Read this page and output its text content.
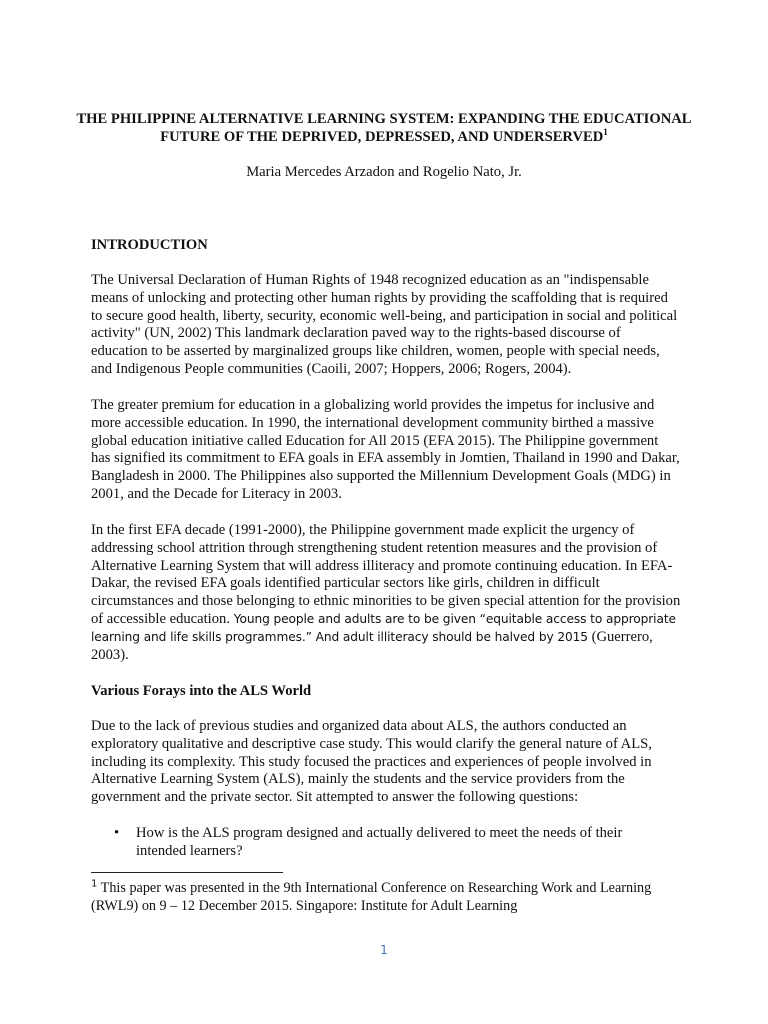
THE PHILIPPINE ALTERNATIVE LEARNING SYSTEM: EXPANDING THE EDUCATIONAL FUTURE OF THE DEPRIVED, DEPRESSED, AND UNDERSERVED$^1$

Maria Mercedes Arzadon and Rogelio Nato, Jr.

INTRODUCTION

The Universal Declaration of Human Rights of 1948 recognized education as an "indispensable means of unlocking and protecting other human rights by providing the scaffolding that is required to secure good health, liberty, security, economic well-being, and participation in social and political activity" (UN, 2002) This landmark declaration paved way to the rights-based discourse of education to be asserted by marginalized groups like children, women, people with special needs, and Indigenous People communities (Caoili, 2007; Hoppers, 2006; Rogers, 2004).

The greater premium for education in a globalizing world provides the impetus for inclusive and more accessible education. In 1990, the international development community birthed a massive global education initiative called Education for All 2015 (EFA 2015). The Philippine government has signified its commitment to EFA goals in EFA assembly in Jomtien, Thailand in 1990 and Dakar, Bangladesh in 2000. The Philippines also supported the Millennium Development Goals (MDG) in 2001, and the Decade for Literacy in 2003.

In the first EFA decade (1991-2000), the Philippine government made explicit the urgency of addressing school attrition through strengthening student retention measures and the provision of Alternative Learning System that will address illiteracy and promote continuing education. In EFA-Dakar, the revised EFA goals identified particular sectors like girls, children in difficult circumstances and those belonging to ethnic minorities to be given special attention for the provision of accessible education. Young people and adults are to be given “equitable access to appropriate learning and life skills programmes.” And adult illiteracy should be halved by 2015 (Guerrero, 2003).

Various Forays into the ALS World

Due to the lack of previous studies and organized data about ALS, the authors conducted an exploratory qualitative and descriptive case study. This would clarify the general nature of ALS, including its complexity. This study focused the practices and experiences of people involved in Alternative Learning System (ALS), mainly the students and the service providers from the government and the private sector. Sit attempted to answer the following questions:

• How is the ALS program designed and actually delivered to meet the needs of their intended learners?

$^1$ This paper was presented in the 9th International Conference on Researching Work and Learning (RWL9) on 9 – 12 December 2015. Singapore: Institute for Adult Learning

1
